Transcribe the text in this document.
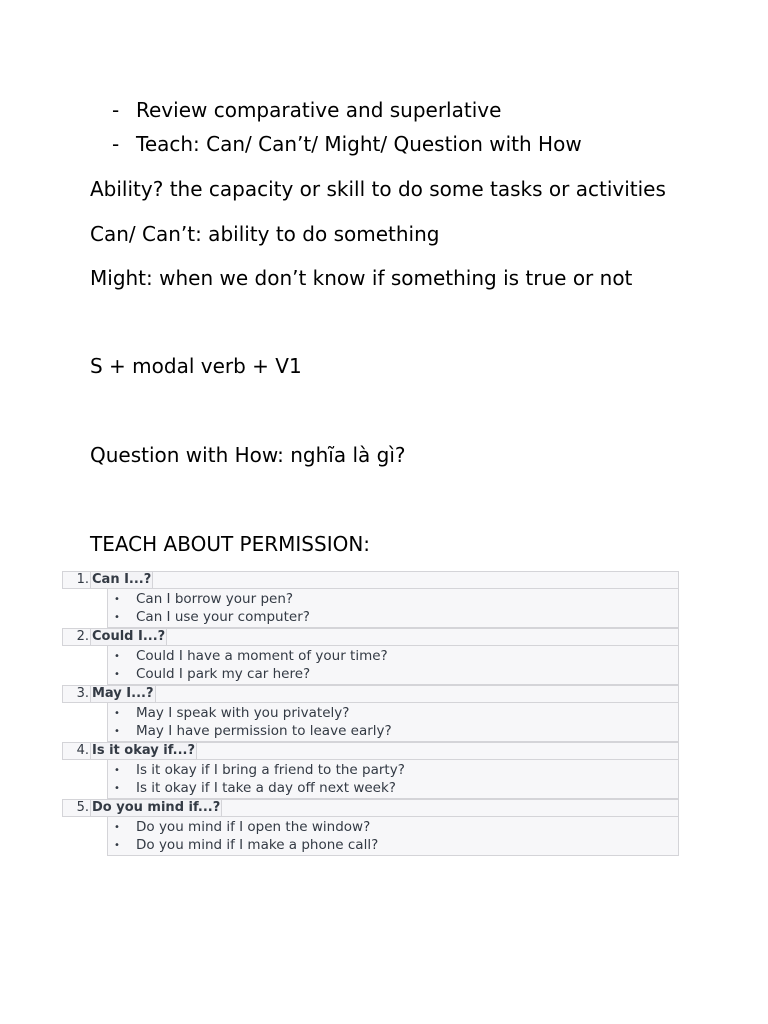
- Review comparative and superlative
- Teach: Can/ Can’t/ Might/ Question with How
Ability? the capacity or skill to do some tasks or activities
Can/ Can’t: ability to do something
Might: when we don’t know if something is true or not
S + modal verb + V1
Question with How: nghĩa là gì?
TEACH ABOUT PERMISSION:
1. Can I...?
• Can I borrow your pen?
• Can I use your computer?
2. Could I...?
• Could I have a moment of your time?
• Could I park my car here?
3. May I...?
• May I speak with you privately?
• May I have permission to leave early?
4. Is it okay if...?
• Is it okay if I bring a friend to the party?
• Is it okay if I take a day off next week?
5. Do you mind if...?
• Do you mind if I open the window?
• Do you mind if I make a phone call?
